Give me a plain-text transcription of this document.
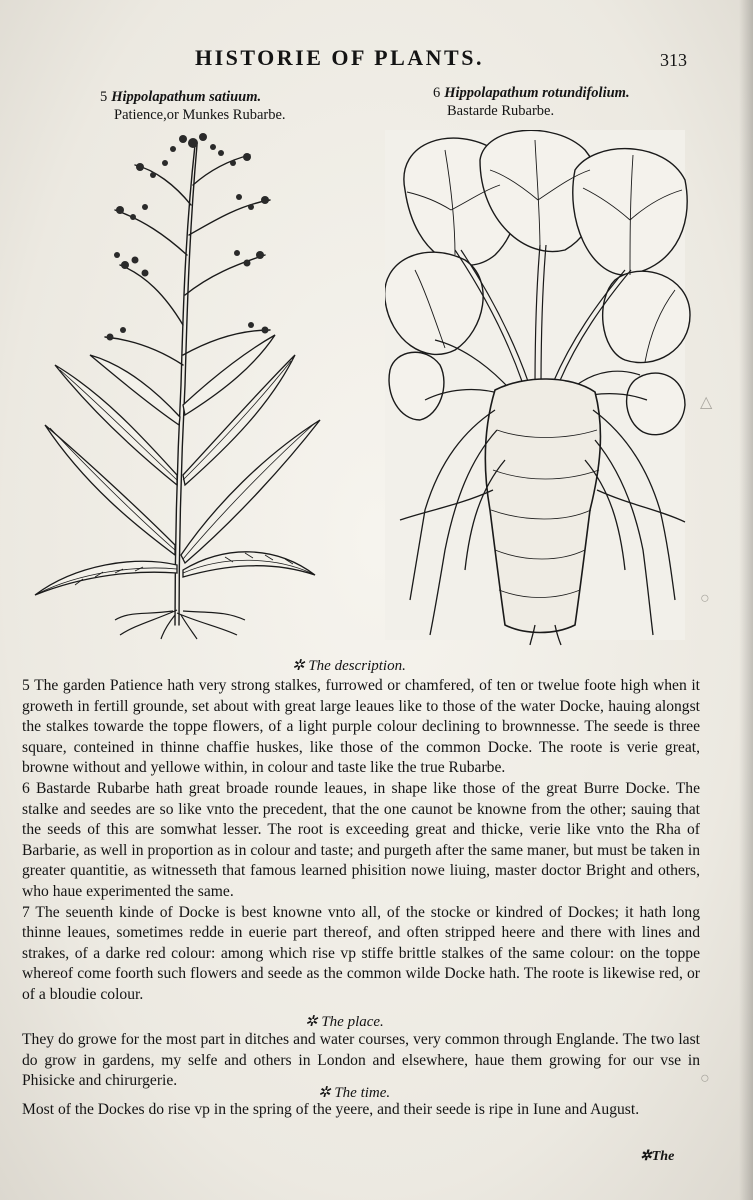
△
○
○
HISTORIE OF PLANTS.	313
5 Hippolapathum satiuum.
Patience,or Munkes Rubarbe.
6 Hippolapathum rotundifolium.
Bastarde Rubarbe.
✲ The description.

5 The garden Patience hath very strong stalkes, furrowed or chamfered, of ten or twelue foote high when it groweth in fertill grounde, set about with great large leaues like to those of the water Docke, hauing alongst the stalkes towarde the toppe flowers, of a light purple colour declining to brownnesse. The seede is three square, conteined in thinne chaffie huskes, like those of the common Docke. The roote is verie great, browne without and yellowe within, in colour and taste like the true Rubarbe.

6 Bastarde Rubarbe hath great broade rounde leaues, in shape like those of the great Burre Docke. The stalke and seedes are so like vnto the precedent, that the one caunot be knowne from the other; sauing that the seeds of this are somwhat lesser. The root is exceeding great and thicke, verie like vnto the Rha of Barbarie, as well in proportion as in colour and taste; and purgeth after the same maner, but must be taken in greater quantitie, as witnesseth that famous learned phisition nowe liuing, master doctor Bright and others, who haue experimented the same.

7 The seuenth kinde of Docke is best knowne vnto all, of the stocke or kindred of Dockes; it hath long thinne leaues, sometimes redde in euerie part thereof, and often stripped heere and there with lines and strakes, of a darke red colour: among which rise vp stiffe brittle stalkes of the same colour: on the toppe whereof come foorth such flowers and seede as the common wilde Docke hath. The roote is likewise red, or of a bloudie colour.

✲ The place.

They do growe for the most part in ditches and water courses, very common through Englande. The two last do grow in gardens, my selfe and others in London and elsewhere, haue them growing for our vse in Phisicke and chirurgerie.

✲ The time.

Most of the Dockes do rise vp in the spring of the yeere, and their seede is ripe in Iune and August.

✲The
